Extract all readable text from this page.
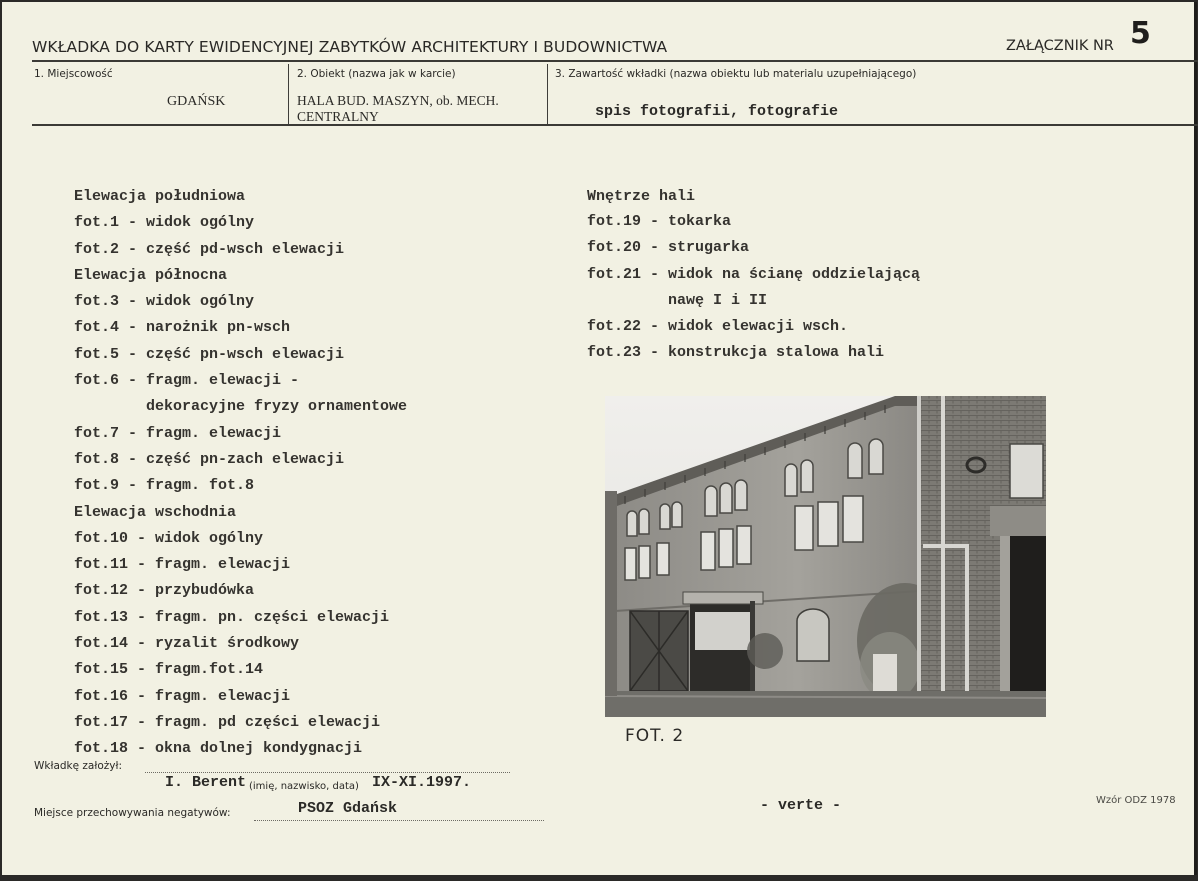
WKŁADKA DO KARTY EWIDENCYJNEJ ZABYTKÓW ARCHITEKTURY I BUDOWNICTWA	ZAŁĄCZNIK NR 5
1. Miejscowość
GDAŃSK
2. Obiekt (nazwa jak w karcie)
HALA BUD. MASZYN, ob. MECH.
CENTRALNY
3. Zawartość wkładki (nazwa obiektu lub materialu uzupełniającego)
spis fotografii, fotografie
Elewacja południowa
fot.1 - widok ogólny
fot.2 - część pd-wsch elewacji
Elewacja północna
fot.3 - widok ogólny
fot.4 - narożnik pn-wsch
fot.5 - część pn-wsch elewacji
fot.6 - fragm. elewacji -
dekoracyjne fryzy ornamentowe
fot.7 - fragm. elewacji
fot.8 - część pn-zach elewacji
fot.9 - fragm. fot.8
Elewacja wschodnia
fot.10 - widok ogólny
fot.11 - fragm. elewacji
fot.12 - przybudówka
fot.13 - fragm. pn. części elewacji
fot.14 - ryzalit środkowy
fot.15 - fragm.fot.14
fot.16 - fragm. elewacji
fot.17 - fragm. pd części elewacji
fot.18 - okna dolnej kondygnacji
Wnętrze hali
fot.19 - tokarka
fot.20 - strugarka
fot.21 - widok na ścianę oddzielającą
nawę I i II
fot.22 - widok elewacji wsch.
fot.23 - konstrukcja stalowa hali
FOT. 2
Wkładkę założył:
I. Berent (imię, nazwisko, data) IX-XI.1997.
Miejsce przechowywania negatywów:	PSOZ Gdańsk	- verte -	Wzór ODZ 1978
